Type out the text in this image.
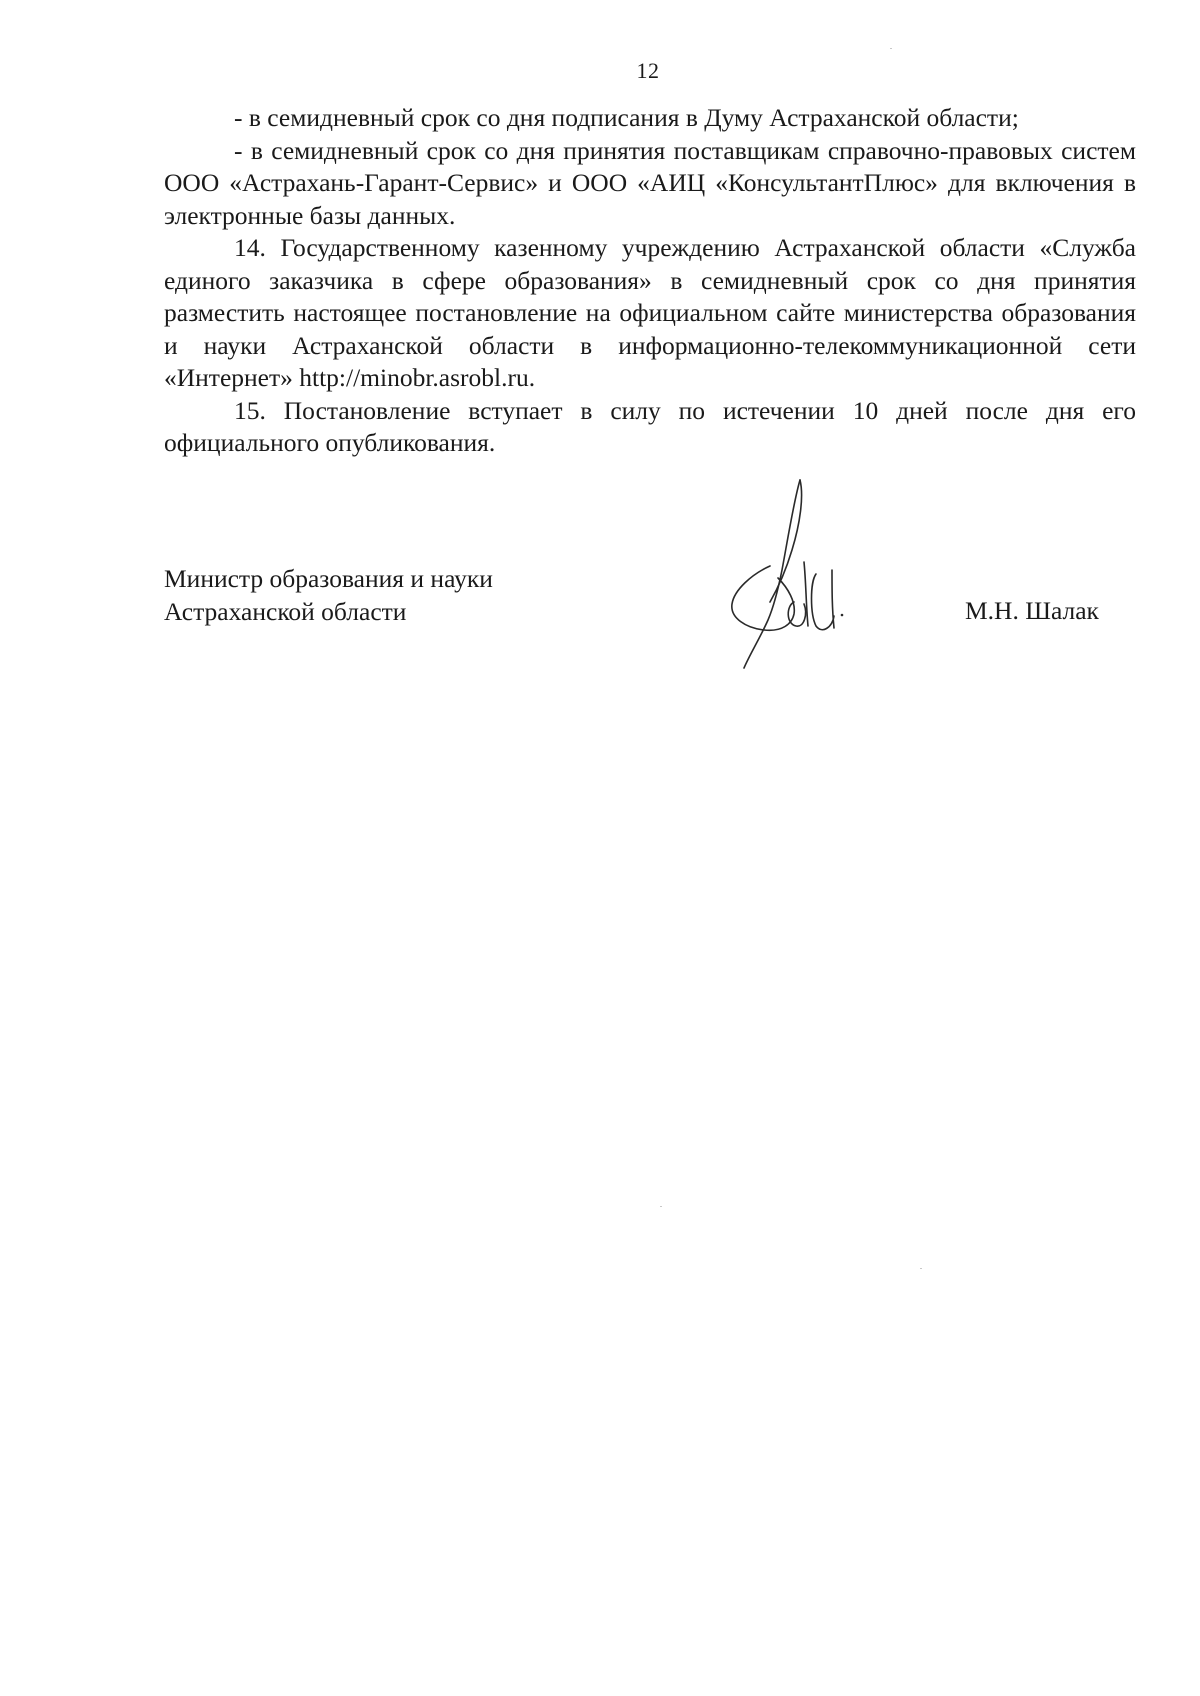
12

- в семидневный срок со дня подписания в Думу Астраханской области;

- в семидневный срок со дня принятия поставщикам справочно-правовых систем ООО «Астрахань-Гарант-Сервис» и ООО «АИЦ «КонсультантПлюс» для включения в электронные базы данных.

14. Государственному казенному учреждению Астраханской области «Служба единого заказчика в сфере образования» в семидневный срок со дня принятия разместить настоящее постановление на официальном сайте министерства образования и науки Астраханской области в информационно-телекоммуникационной сети «Интернет» http://minobr.asrobl.ru.

15. Постановление вступает в силу по истечении 10 дней после дня его официального опубликования.

Министр образования и науки
Астраханской области	М.Н. Шалак
